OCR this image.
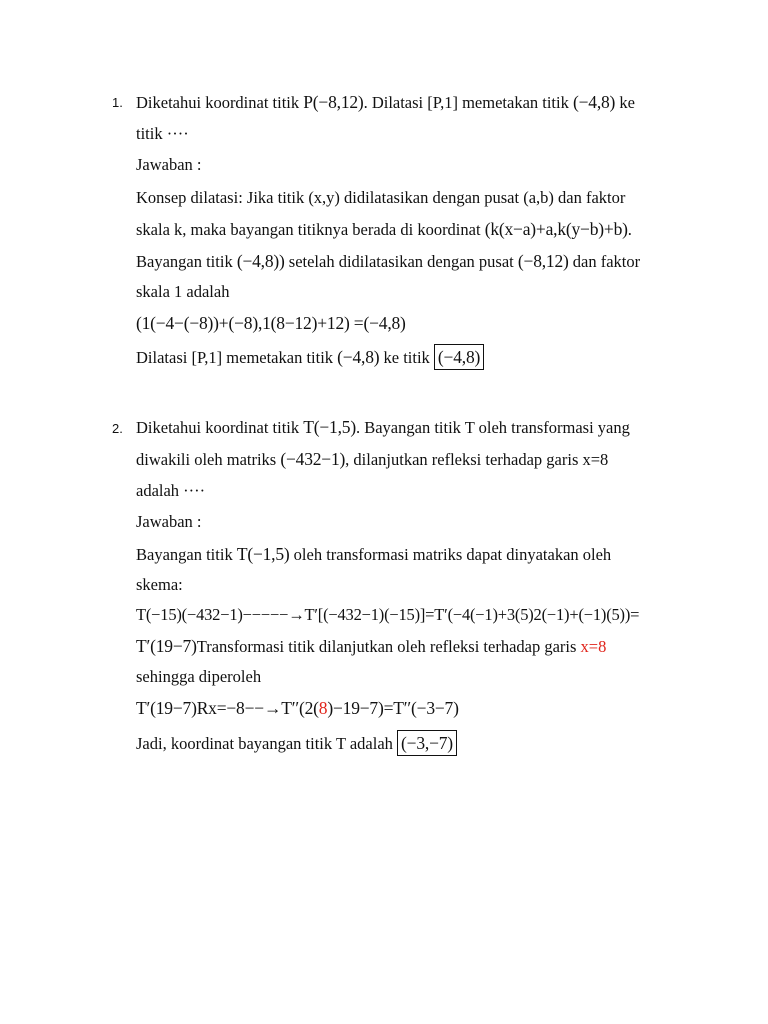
1. Diketahui koordinat titik P(−8,12). Dilatasi [P,1] memetakan titik (−4,8) ke
titik ····
Jawaban :
Konsep dilatasi: Jika titik (x,y) didilatasikan dengan pusat (a,b) dan faktor
skala k, maka bayangan titiknya berada di koordinat (k(x−a)+a,k(y−b)+b).
Bayangan titik (−4,8)) setelah didilatasikan dengan pusat (−8,12) dan faktor
skala 1 adalah
(1(−4−(−8))+(−8),1(8−12)+12) =(−4,8)
Dilatasi [P,1] memetakan titik (−4,8) ke titik (−4,8)
2. Diketahui koordinat titik T(−1,5). Bayangan titik T oleh transformasi yang
diwakili oleh matriks (−432−1), dilanjutkan refleksi terhadap garis x=8
adalah ····
Jawaban :
Bayangan titik T(−1,5) oleh transformasi matriks dapat dinyatakan oleh
skema:
T(−15)(−432−1)−−−−−→T′[(−432−1)(−15)]=T′(−4(−1)+3(5)2(−1)+(−1)(5))=
T′(19−7)Transformasi titik dilanjutkan oleh refleksi terhadap garis x=8
sehingga diperoleh
T′(19−7)Rx=−8−−→T′′(2(8)−19−7)=T′′(−3−7)
Jadi, koordinat bayangan titik T adalah (−3,−7)
